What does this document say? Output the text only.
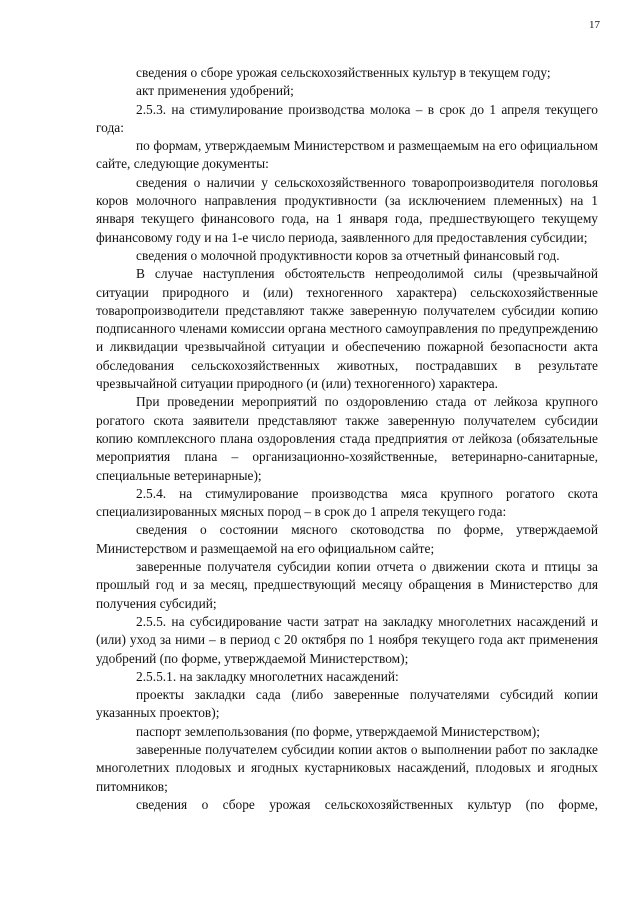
17

сведения о сборе урожая сельскохозяйственных культур в текущем году;

акт применения удобрений;

2.5.3. на стимулирование производства молока – в срок до 1 апреля текущего года:

по формам, утверждаемым Министерством и размещаемым на его официальном сайте, следующие документы:

сведения о наличии у сельскохозяйственного товаропроизводителя поголовья коров молочного направления продуктивности (за исключением племенных) на 1 января текущего финансового года, на 1 января года, предшествующего текущему финансовому году и на 1-е число периода, заявленного для предоставления субсидии;

сведения о молочной продуктивности коров за отчетный финансовый год.

В случае наступления обстоятельств непреодолимой силы (чрезвычайной ситуации природного и (или) техногенного характера) сельскохозяйственные товаропроизводители представляют также заверенную получателем субсидии копию подписанного членами комиссии органа местного самоуправления по предупреждению и ликвидации чрезвычайной ситуации и обеспечению пожарной безопасности акта обследования сельскохозяйственных животных, пострадавших в результате чрезвычайной ситуации природного (и (или) техногенного) характера.

При проведении мероприятий по оздоровлению стада от лейкоза крупного рогатого скота заявители представляют также заверенную получателем субсидии копию комплексного плана оздоровления стада предприятия от лейкоза (обязательные мероприятия плана – организационно-хозяйственные, ветеринарно-санитарные, специальные ветеринарные);

2.5.4. на стимулирование производства мяса крупного рогатого скота специализированных мясных пород – в срок до 1 апреля текущего года:

сведения о состоянии мясного скотоводства по форме, утверждаемой Министерством и размещаемой на его официальном сайте;

заверенные получателя субсидии копии отчета о движении скота и птицы за прошлый год и за месяц, предшествующий месяцу обращения в Министерство для получения субсидий;

2.5.5. на субсидирование части затрат на закладку многолетних насаждений и (или) уход за ними – в период с 20 октября по 1 ноября текущего года акт применения удобрений (по форме, утверждаемой Министерством);

2.5.5.1. на закладку многолетних насаждений:

проекты закладки сада (либо заверенные получателями субсидий копии указанных проектов);

паспорт землепользования (по форме, утверждаемой Министерством);

заверенные получателем субсидии копии актов о выполнении работ по закладке многолетних плодовых и ягодных кустарниковых насаждений, плодовых и ягодных питомников;

сведения о сборе урожая сельскохозяйственных культур (по форме,
